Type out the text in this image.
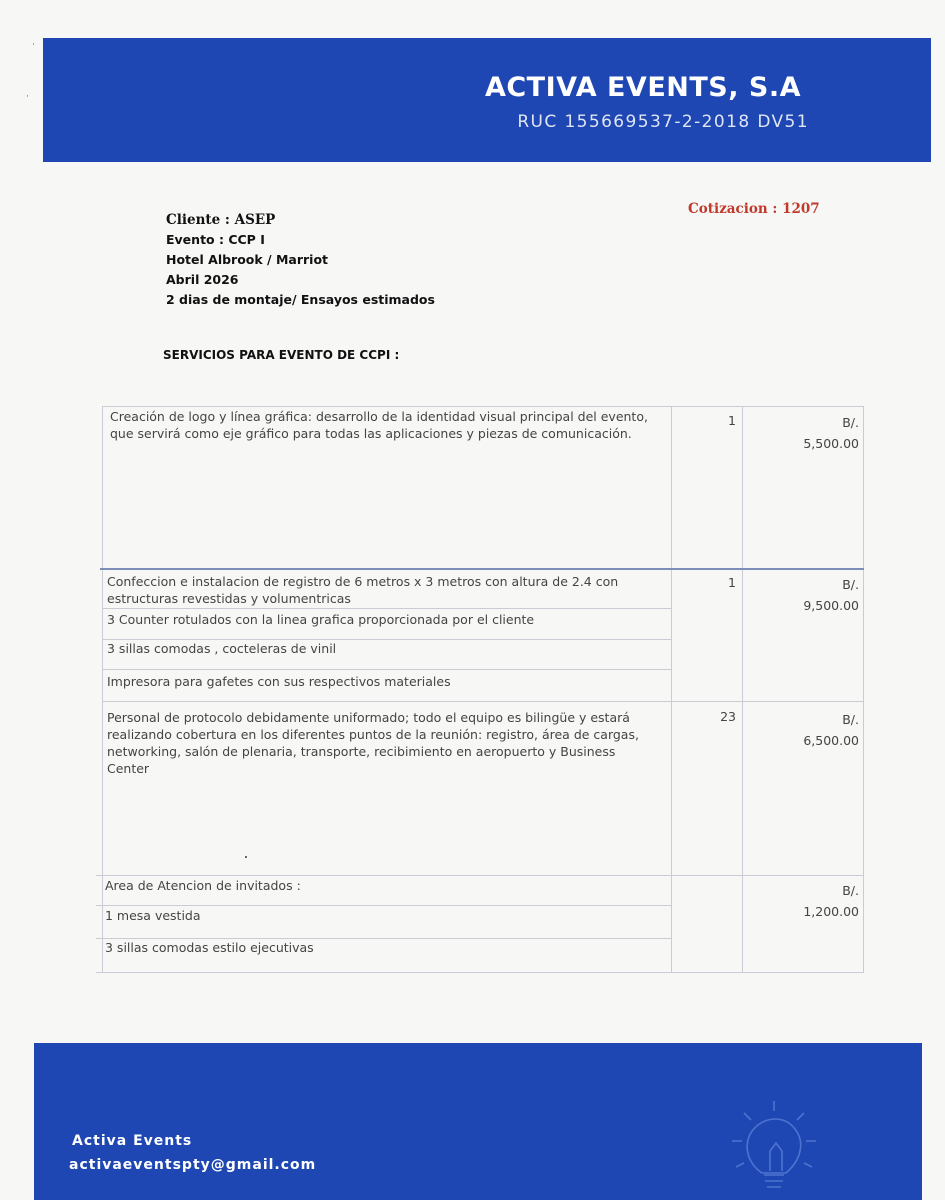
ACTIVA EVENTS, S.A
RUC 155669537-2-2018 DV51
·	·
·
Cliente : ASEP
Evento : CCP I
Hotel Albrook / Marriot
Abril 2026
2 dias de montaje/ Ensayos estimados
Cotizacion : 1207
SERVICIOS PARA EVENTO DE CCPI :
Creación de logo y línea gráfica: desarrollo de la identidad visual principal del evento,
que servirá como eje gráfico para todas las aplicaciones y piezas de comunicación.
1	B/.
5,500.00
Confeccion e instalacion de registro de 6 metros x 3 metros con altura de 2.4 con
estructuras revestidas y volumentricas
3 Counter rotulados con la linea grafica proporcionada por el cliente
3 sillas comodas , cocteleras de vinil
Impresora para gafetes con sus respectivos materiales
1	B/.
9,500.00
Personal de protocolo debidamente uniformado; todo el equipo es bilingüe y estará
realizando cobertura en los diferentes puntos de la reunión: registro, área de cargas,
networking, salón de plenaria, transporte, recibimiento en aeropuerto y Business
Center
23	B/.
6,500.00
Area de Atencion de invitados :
1 mesa vestida
3 sillas comodas estilo ejecutivas
B/.
1,200.00
Activa Events
activaeventspty@gmail.com
